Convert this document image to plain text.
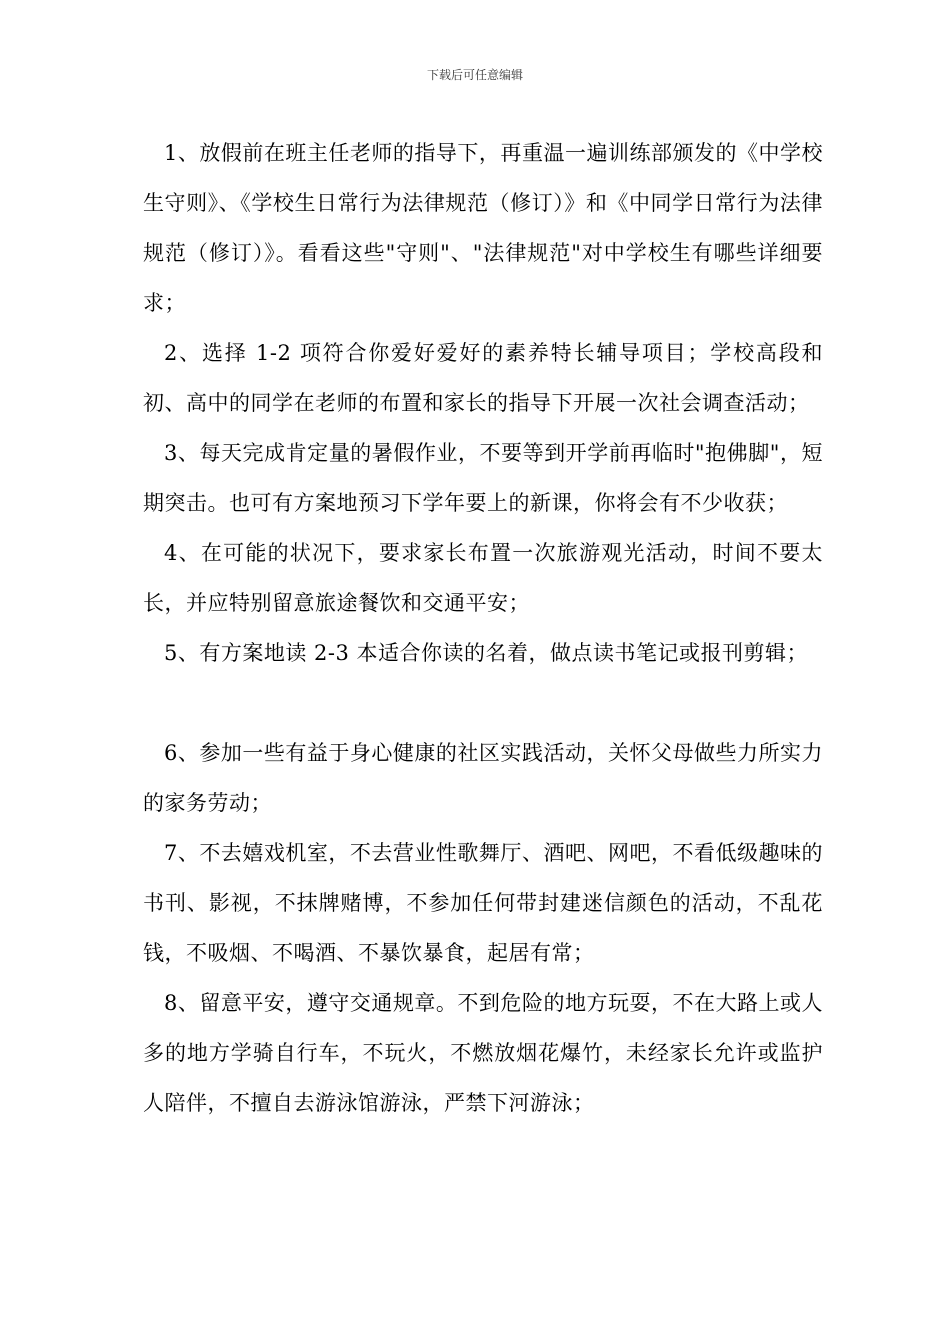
下载后可任意编辑

1、放假前在班主任老师的指导下，再重温一遍训练部颁发的《中学校生守则》、《学校生日常行为法律规范（修订）》和《中同学日常行为法律规范（修订）》。看看这些"守则"、"法律规范"对中学校生有哪些详细要求；

2、选择 1-2 项符合你爱好爱好的素养特长辅导项目；学校高段和初、高中的同学在老师的布置和家长的指导下开展一次社会调查活动；

3、每天完成肯定量的暑假作业，不要等到开学前再临时"抱佛脚"，短期突击。也可有方案地预习下学年要上的新课，你将会有不少收获；

4、在可能的状况下，要求家长布置一次旅游观光活动，时间不要太长，并应特别留意旅途餐饮和交通平安；

5、有方案地读 2-3 本适合你读的名着，做点读书笔记或报刊剪辑；

6、参加一些有益于身心健康的社区实践活动，关怀父母做些力所实力的家务劳动；

7、不去嬉戏机室，不去营业性歌舞厅、酒吧、网吧，不看低级趣味的书刊、影视，不抹牌赌博，不参加任何带封建迷信颜色的活动，不乱花钱，不吸烟、不喝酒、不暴饮暴食，起居有常；

8、留意平安，遵守交通规章。不到危险的地方玩耍，不在大路上或人多的地方学骑自行车，不玩火，不燃放烟花爆竹，未经家长允许或监护人陪伴，不擅自去游泳馆游泳，严禁下河游泳；
